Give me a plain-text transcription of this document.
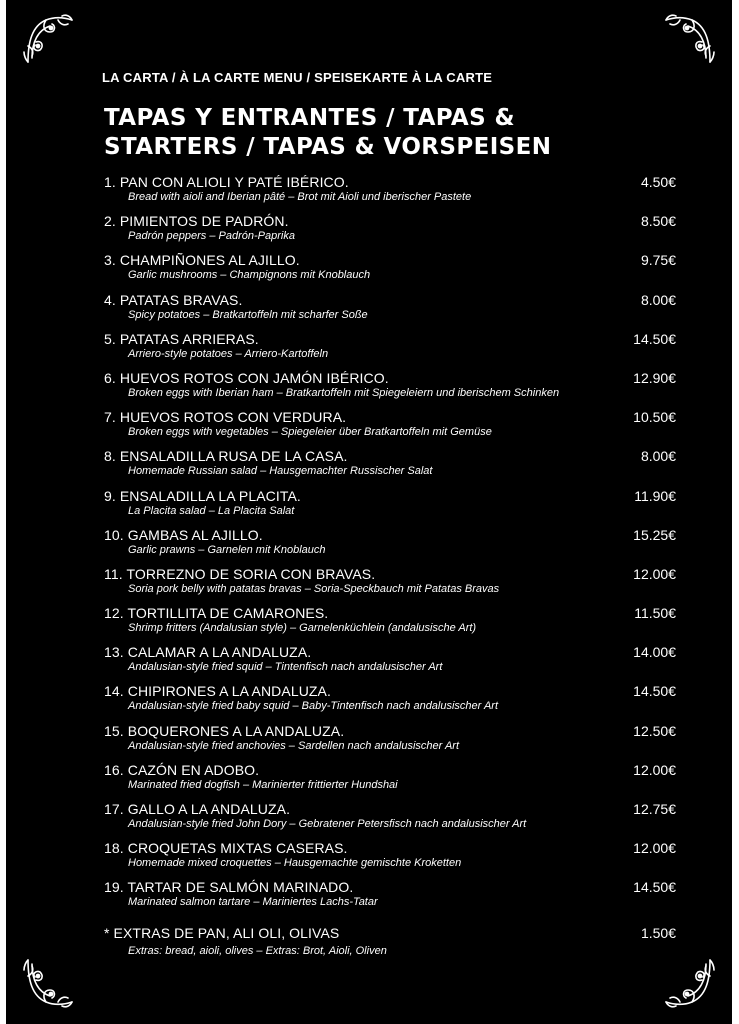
LA CARTA / À LA CARTE MENU / SPEISEKARTE À LA CARTE
TAPAS Y ENTRANTES / TAPAS & STARTERS / TAPAS & VORSPEISEN
1. PAN CON ALIOLI Y PATÉ IBÉRICO.	4.50€
Bread with aioli and Iberian pâté – Brot mit Aioli und iberischer Pastete
2. PIMIENTOS DE PADRÓN.	8.50€
Padrón peppers – Padrón-Paprika
3. CHAMPIÑONES AL AJILLO.	9.75€
Garlic mushrooms – Champignons mit Knoblauch
4. PATATAS BRAVAS.	8.00€
Spicy potatoes – Bratkartoffeln mit scharfer Soße
5. PATATAS ARRIERAS.	14.50€
Arriero-style potatoes – Arriero-Kartoffeln
6. HUEVOS ROTOS CON JAMÓN IBÉRICO.	12.90€
Broken eggs with Iberian ham – Bratkartoffeln mit Spiegeleiern und iberischem Schinken
7. HUEVOS ROTOS CON VERDURA.	10.50€
Broken eggs with vegetables – Spiegeleier über Bratkartoffeln mit Gemüse
8. ENSALADILLA RUSA DE LA CASA.	8.00€
Homemade Russian salad – Hausgemachter Russischer Salat
9. ENSALADILLA LA PLACITA.	11.90€
La Placita salad – La Placita Salat
10. GAMBAS AL AJILLO.	15.25€
Garlic prawns – Garnelen mit Knoblauch
11. TORREZNO DE SORIA CON BRAVAS.	12.00€
Soria pork belly with patatas bravas – Soria-Speckbauch mit Patatas Bravas
12. TORTILLITA DE CAMARONES.	11.50€
Shrimp fritters (Andalusian style) – Garnelenküchlein (andalusische Art)
13. CALAMAR A LA ANDALUZA.	14.00€
Andalusian-style fried squid – Tintenfisch nach andalusischer Art
14. CHIPIRONES A LA ANDALUZA.	14.50€
Andalusian-style fried baby squid – Baby-Tintenfisch nach andalusischer Art
15. BOQUERONES A LA ANDALUZA.	12.50€
Andalusian-style fried anchovies – Sardellen nach andalusischer Art
16. CAZÓN EN ADOBO.	12.00€
Marinated fried dogfish – Marinierter frittierter Hundshai
17. GALLO A LA ANDALUZA.	12.75€
Andalusian-style fried John Dory – Gebratener Petersfisch nach andalusischer Art
18. CROQUETAS MIXTAS CASERAS.	12.00€
Homemade mixed croquettes – Hausgemachte gemischte Kroketten
19. TARTAR DE SALMÓN MARINADO.	14.50€
Marinated salmon tartare – Mariniertes Lachs-Tatar
* EXTRAS DE PAN, ALI OLI, OLIVAS	1.50€
Extras: bread, aioli, olives – Extras: Brot, Aioli, Oliven
